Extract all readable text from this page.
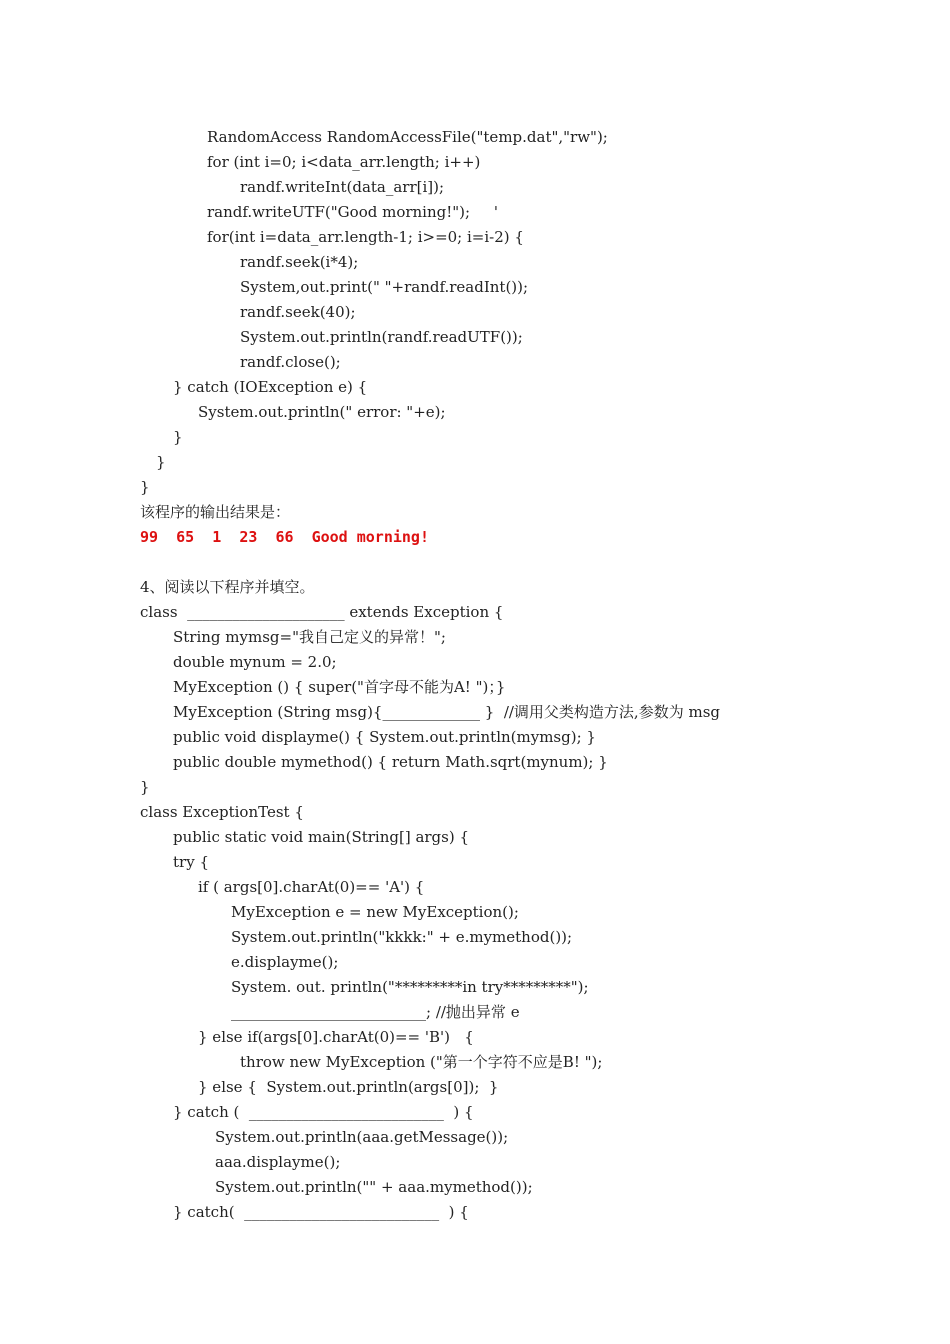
RandomAccess RandomAccessFile("temp.dat","rw");
for (int i=0; i<data_arr.length; i++)
randf.writeInt(data_arr[i]);
randf.writeUTF("Good morning!");     '
for(int i=data_arr.length-1; i>=0; i=i-2) {
randf.seek(i*4);
System,out.print(" "+randf.readInt());
randf.seek(40);
System.out.println(randf.readUTF());
randf.close();
} catch (IOException e) {
System.out.println(" error: "+e);
}
}
}
该程序的输出结果是：
99  65  1  23  66  Good morning!
4、阅读以下程序并填空。
class  _____________________ extends Exception {
String mymsg="我自己定义的异常！";
double mynum = 2.0;
MyException () { super("首字母不能为A! ")；}
MyException (String msg){_____________ }  //调用父类构造方法,参数为 msg
public void displayme() { System.out.println(mymsg); }
public double mymethod() { return Math.sqrt(mynum); }
}
class ExceptionTest {
public static void main(String[] args) {
try {
if ( args[0].charAt(0)== 'A') {
MyException e = new MyException();
System.out.println("kkkk:" + e.mymethod());
e.displayme();
System. out. println("*********in try*********");
__________________________; //抛出异常 e
} else if(args[0].charAt(0)== 'B')   {
throw new MyException ("第一个字符不应是B! ");
} else {  System.out.println(args[0]);  }
} catch (  __________________________  ) {
System.out.println(aaa.getMessage());
aaa.displayme();
System.out.println("" + aaa.mymethod());
} catch(  __________________________  ) {
